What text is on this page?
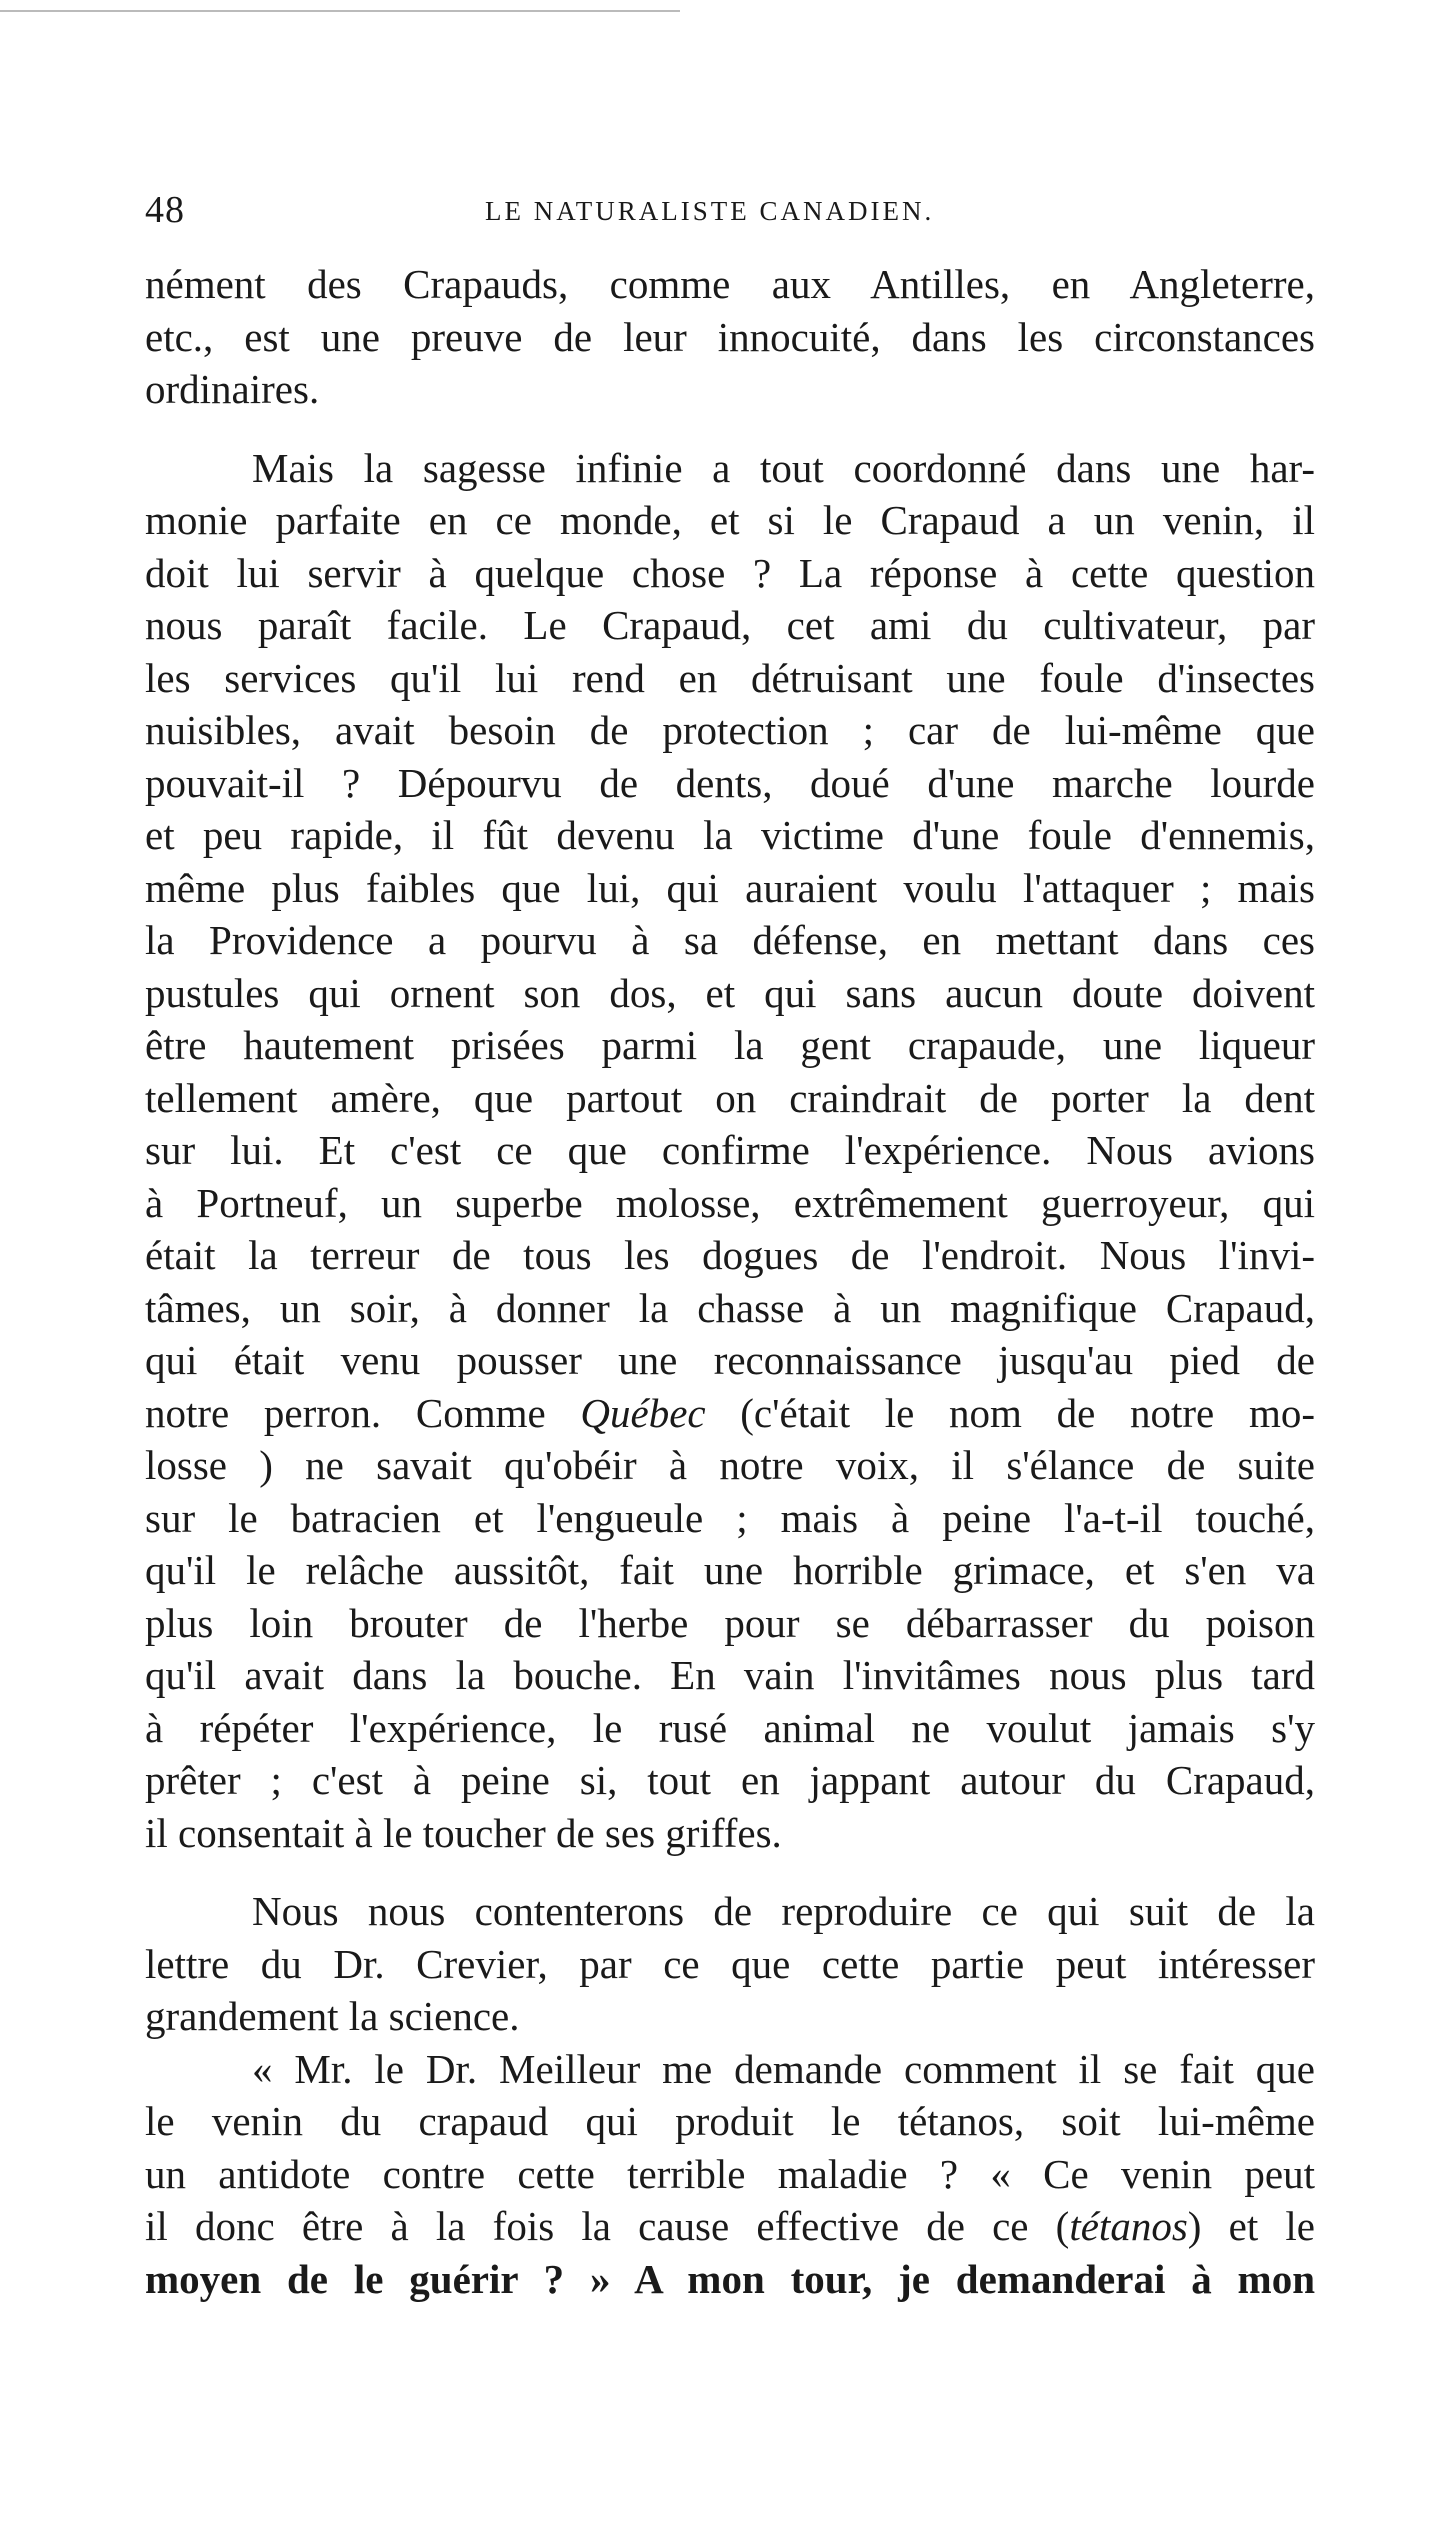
48	LE NATURALISTE CANADIEN.
nément des Crapauds, comme aux Antilles, en Angleterre,
etc., est une preuve de leur innocuité, dans les circonstances
ordinaires.
Mais la sagesse infinie a tout coordonné dans une har-
monie parfaite en ce monde, et si le Crapaud a un venin, il
doit lui servir à quelque chose ? La réponse à cette question
nous paraît facile. Le Crapaud, cet ami du cultivateur, par
les services qu'il lui rend en détruisant une foule d'insectes
nuisibles, avait besoin de protection ; car de lui-même que
pouvait-il ? Dépourvu de dents, doué d'une marche lourde
et peu rapide, il fût devenu la victime d'une foule d'ennemis,
même plus faibles que lui, qui auraient voulu l'attaquer ; mais
la Providence a pourvu à sa défense, en mettant dans ces
pustules qui ornent son dos, et qui sans aucun doute doivent
être hautement prisées parmi la gent crapaude, une liqueur
tellement amère, que partout on craindrait de porter la dent
sur lui. Et c'est ce que confirme l'expérience. Nous avions
à Portneuf, un superbe molosse, extrêmement guerroyeur, qui
était la terreur de tous les dogues de l'endroit. Nous l'invi-
tâmes, un soir, à donner la chasse à un magnifique Crapaud,
qui était venu pousser une reconnaissance jusqu'au pied de
notre perron. Comme Québec (c'était le nom de notre mo-
losse ) ne savait qu'obéir à notre voix, il s'élance de suite
sur le batracien et l'engueule ; mais à peine l'a-t-il touché,
qu'il le relâche aussitôt, fait une horrible grimace, et s'en va
plus loin brouter de l'herbe pour se débarrasser du poison
qu'il avait dans la bouche. En vain l'invitâmes nous plus tard
à répéter l'expérience, le rusé animal ne voulut jamais s'y
prêter ; c'est à peine si, tout en jappant autour du Crapaud,
il consentait à le toucher de ses griffes.
Nous nous contenterons de reproduire ce qui suit de la
lettre du Dr. Crevier, par ce que cette partie peut intéresser
grandement la science.
« Mr. le Dr. Meilleur me demande comment il se fait que
le venin du crapaud qui produit le tétanos, soit lui-même
un antidote contre cette terrible maladie ? « Ce venin peut
il donc être à la fois la cause effective de ce (tétanos) et le
moyen de le guérir ? » A mon tour, je demanderai à mon
